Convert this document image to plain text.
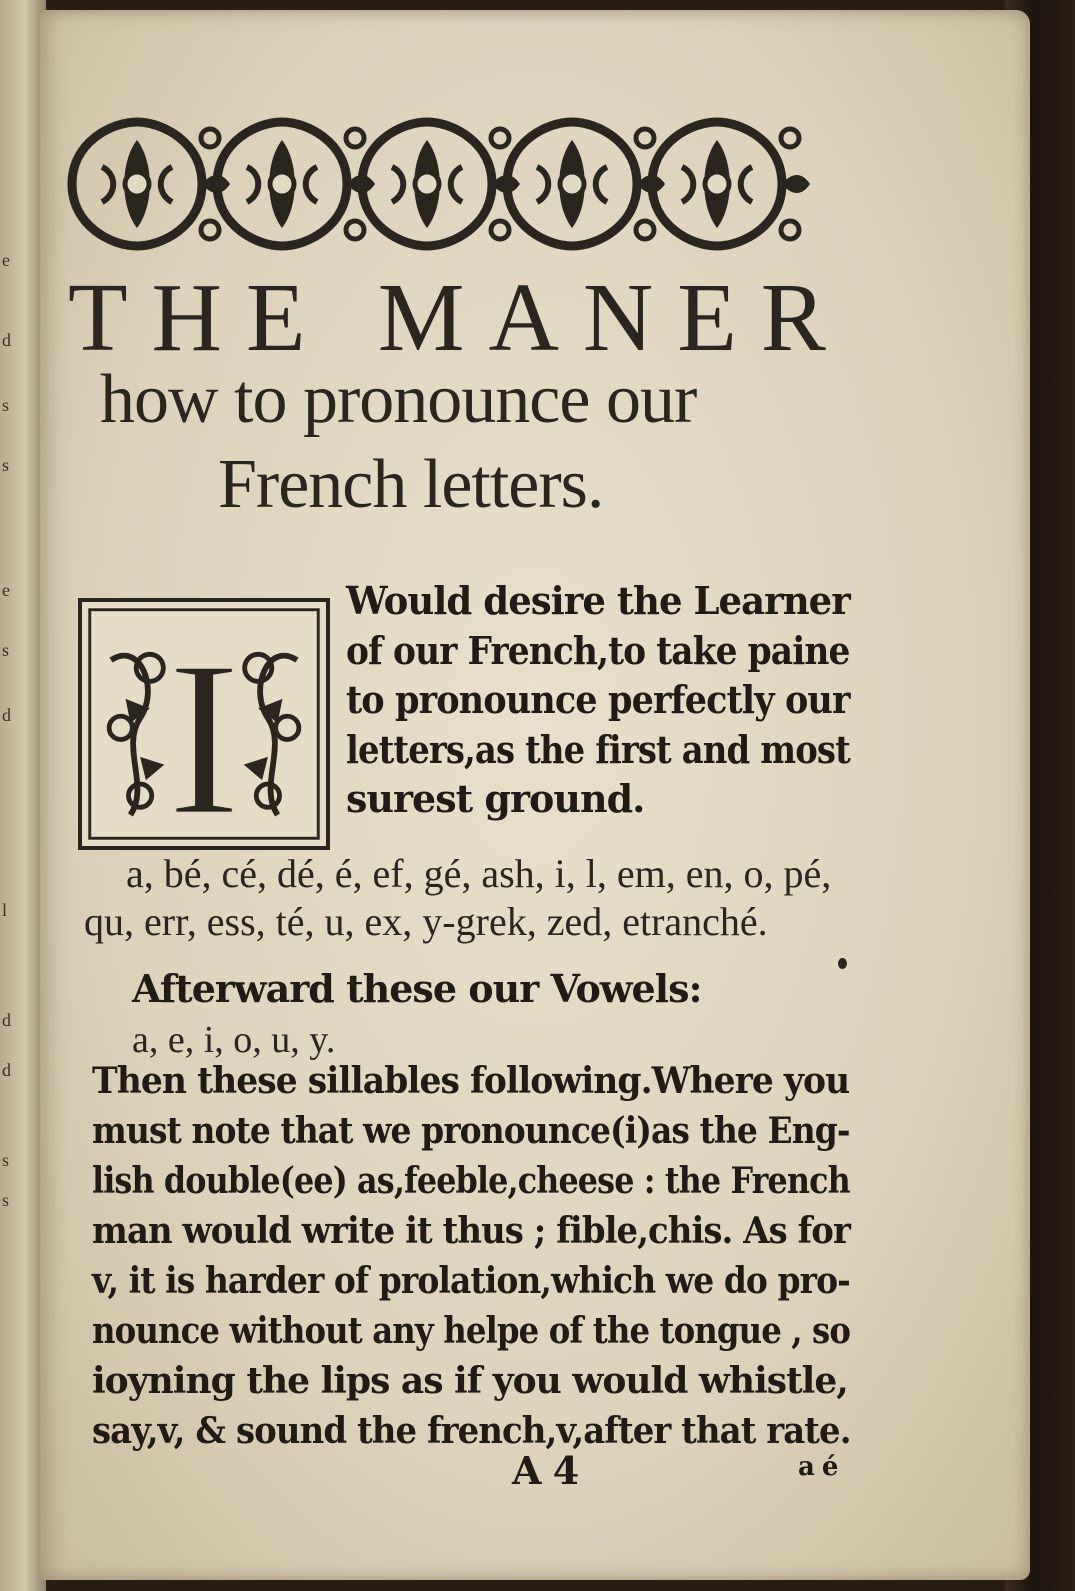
e
d
s
s
e
s
d
l
d
d
s
s
THE MANER
how to pronounce our
French letters.
I

Would desire the Learner

of our French,to take paine

to pronounce perfectly our

letters,as the first and most

surest ground.

a, bé, cé, dé, é, ef, gé, ash, i, l, em, en, o, pé,

qu, err, ess, té, u, ex, y-grek, zed, etranché.

Afterward these our Vowels:

a, e, i, o, u, y.

Then these sillables following.Where you

must note that we pronounce(i)as the Eng-

lish double(ee) as,feeble,cheese : the French

man would write it thus ; fible,chis. As for

v, it is harder of prolation,which we do pro-

nounce without any helpe of the tongue , so

ioyning the lips as if you would whistle,

say,v, & sound the french,v,after that rate.

A 4	a é
